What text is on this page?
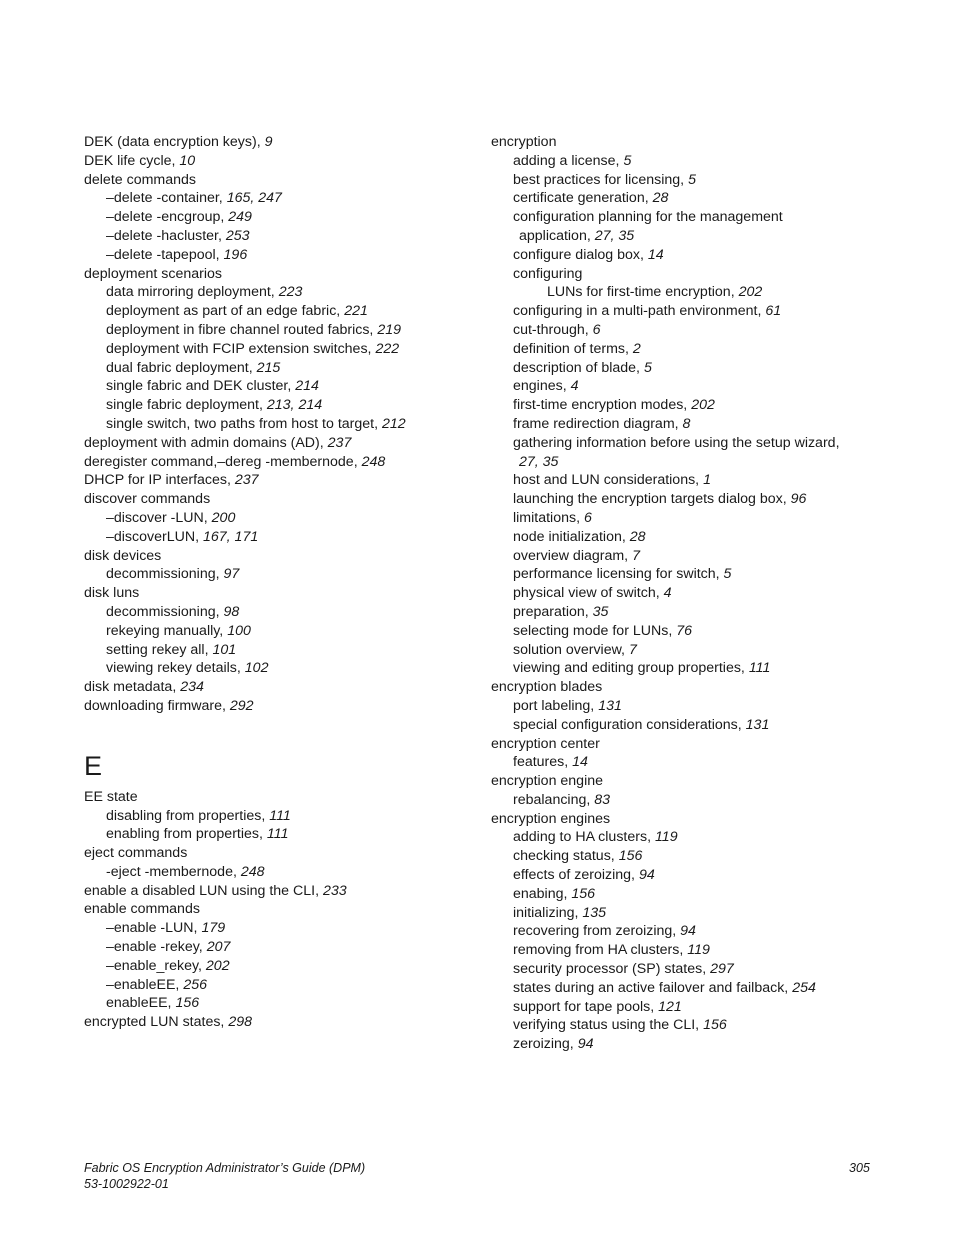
DEK (data encryption keys), 9
DEK life cycle, 10
delete commands
–delete -container, 165, 247
–delete -encgroup, 249
–delete -hacluster, 253
–delete -tapepool, 196
deployment scenarios
data mirroring deployment, 223
deployment as part of an edge fabric, 221
deployment in fibre channel routed fabrics, 219
deployment with FCIP extension switches, 222
dual fabric deployment, 215
single fabric and DEK cluster, 214
single fabric deployment, 213, 214
single switch, two paths from host to target, 212
deployment with admin domains (AD), 237
deregister command,–dereg -membernode, 248
DHCP for IP interfaces, 237
discover commands
–discover -LUN, 200
–discoverLUN, 167, 171
disk devices
decommissioning, 97
disk luns
decommissioning, 98
rekeying manually, 100
setting rekey all, 101
viewing rekey details, 102
disk metadata, 234
downloading firmware, 292
E
EE state
disabling from properties, 111
enabling from properties, 111
eject commands
-eject -membernode, 248
enable a disabled LUN using the CLI, 233
enable commands
–enable -LUN, 179
–enable -rekey, 207
–enable_rekey, 202
–enableEE, 256
enableEE, 156
encrypted LUN states, 298
encryption
adding a license, 5
best practices for licensing, 5
certificate generation, 28
configuration planning for the management
application, 27, 35
configure dialog box, 14
configuring
LUNs for first-time encryption, 202
configuring in a multi-path environment, 61
cut-through, 6
definition of terms, 2
description of blade, 5
engines, 4
first-time encryption modes, 202
frame redirection diagram, 8
gathering information before using the setup wizard,
27, 35
host and LUN considerations, 1
launching the encryption targets dialog box, 96
limitations, 6
node initialization, 28
overview diagram, 7
performance licensing for switch, 5
physical view of switch, 4
preparation, 35
selecting mode for LUNs, 76
solution overview, 7
viewing and editing group properties, 111
encryption blades
port labeling, 131
special configuration considerations, 131
encryption center
features, 14
encryption engine
rebalancing, 83
encryption engines
adding to HA clusters, 119
checking status, 156
effects of zeroizing, 94
enabing, 156
initializing, 135
recovering from zeroizing, 94
removing from HA clusters, 119
security processor (SP) states, 297
states during an active failover and failback, 254
support for tape pools, 121
verifying status using the CLI, 156
zeroizing, 94
Fabric OS Encryption Administrator’s Guide (DPM)
53-1002922-01
305
